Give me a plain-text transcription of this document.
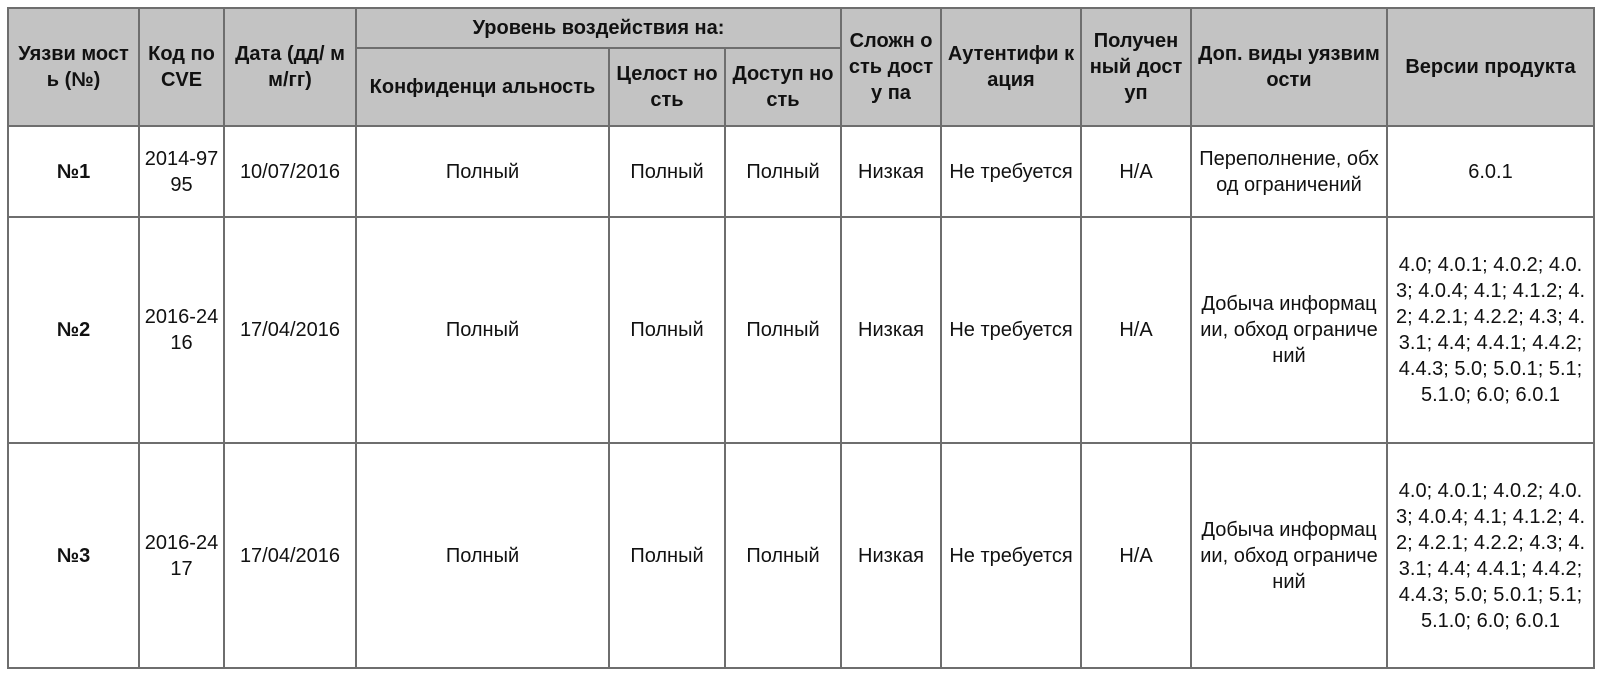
Уязви мость (№)	Код по CVE	Дата (дд/ мм/гг)	Уровень воздействия на:			Сложн ость досту па	Аутентифи кация	Получен ный доступ	Доп. виды уязвимости	Версии продукта
			Конфиденци альность	Целост ность	Доступ ность					
№1	2014-9795	10/07/2016	Полный	Полный	Полный	Низкая	Не требуется	Н/А	Переполнение, обход ограничений	6.0.1
№2	2016-2416	17/04/2016	Полный	Полный	Полный	Низкая	Не требуется	Н/А	Добыча информации, обход ограничений	4.0; 4.0.1; 4.0.2; 4.0.3; 4.0.4; 4.1; 4.1.2; 4.2; 4.2.1; 4.2.2; 4.3; 4.3.1; 4.4; 4.4.1; 4.4.2; 4.4.3; 5.0; 5.0.1; 5.1; 5.1.0; 6.0; 6.0.1
№3	2016-2417	17/04/2016	Полный	Полный	Полный	Низкая	Не требуется	Н/А	Добыча информации, обход ограничений	4.0; 4.0.1; 4.0.2; 4.0.3; 4.0.4; 4.1; 4.1.2; 4.2; 4.2.1; 4.2.2; 4.3; 4.3.1; 4.4; 4.4.1; 4.4.2; 4.4.3; 5.0; 5.0.1; 5.1; 5.1.0; 6.0; 6.0.1
